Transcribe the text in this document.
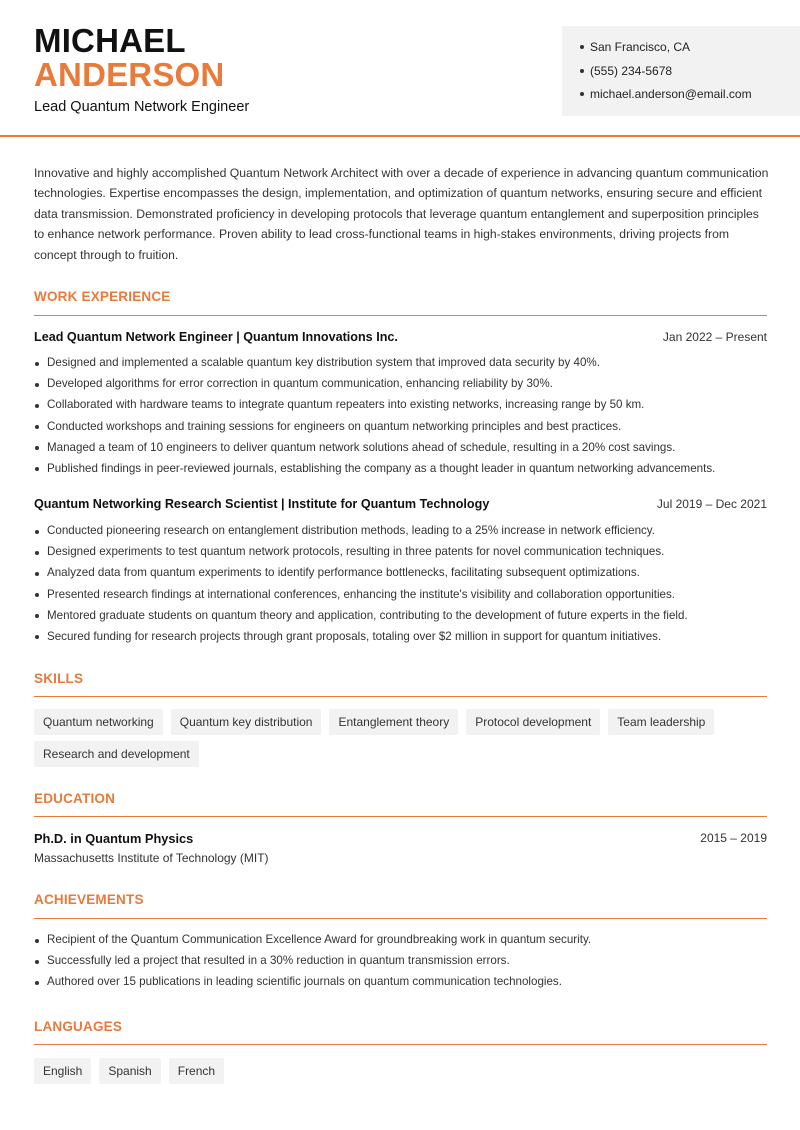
MICHAEL
ANDERSON
Lead Quantum Network Engineer
San Francisco, CA
(555) 234-5678
michael.anderson@email.com

Innovative and highly accomplished Quantum Network Architect with over a decade of experience in advancing quantum communication technologies. Expertise encompasses the design, implementation, and optimization of quantum networks, ensuring secure and efficient data transmission. Demonstrated proficiency in developing protocols that leverage quantum entanglement and superposition principles to enhance network performance. Proven ability to lead cross-functional teams in high-stakes environments, driving projects from concept through to fruition.

WORK EXPERIENCE
Lead Quantum Network Engineer | Quantum Innovations Inc.	Jan 2022 – Present
Designed and implemented a scalable quantum key distribution system that improved data security by 40%.
Developed algorithms for error correction in quantum communication, enhancing reliability by 30%.
Collaborated with hardware teams to integrate quantum repeaters into existing networks, increasing range by 50 km.
Conducted workshops and training sessions for engineers on quantum networking principles and best practices.
Managed a team of 10 engineers to deliver quantum network solutions ahead of schedule, resulting in a 20% cost savings.
Published findings in peer-reviewed journals, establishing the company as a thought leader in quantum networking advancements.
Quantum Networking Research Scientist | Institute for Quantum Technology	Jul 2019 – Dec 2021
Conducted pioneering research on entanglement distribution methods, leading to a 25% increase in network efficiency.
Designed experiments to test quantum network protocols, resulting in three patents for novel communication techniques.
Analyzed data from quantum experiments to identify performance bottlenecks, facilitating subsequent optimizations.
Presented research findings at international conferences, enhancing the institute's visibility and collaboration opportunities.
Mentored graduate students on quantum theory and application, contributing to the development of future experts in the field.
Secured funding for research projects through grant proposals, totaling over $2 million in support for quantum initiatives.
SKILLS
Quantum networking	Quantum key distribution	Entanglement theory	Protocol development	Team leadership
Research and development
EDUCATION
Ph.D. in Quantum Physics	2015 – 2019
Massachusetts Institute of Technology (MIT)
ACHIEVEMENTS
Recipient of the Quantum Communication Excellence Award for groundbreaking work in quantum security.
Successfully led a project that resulted in a 30% reduction in quantum transmission errors.
Authored over 15 publications in leading scientific journals on quantum communication technologies.
LANGUAGES
English	Spanish	French
